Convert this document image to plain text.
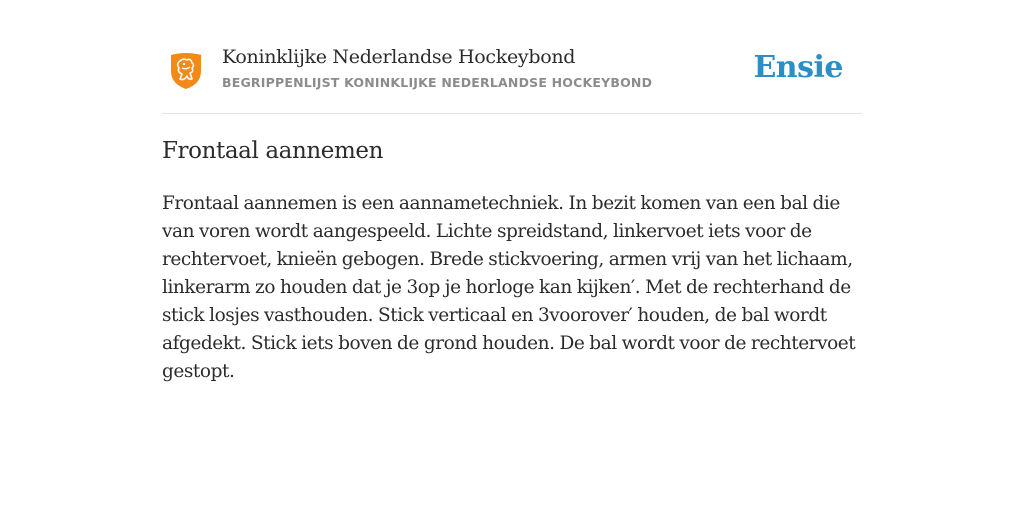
Koninklijke Nederlandse Hockeybond
BEGRIPPENLIJST KONINKLIJKE NEDERLANDSE HOCKEYBOND	Ensie
Frontaal aannemen

Frontaal aannemen is een aannametechniek. In bezit komen van een bal die van voren wordt aangespeeld. Lichte spreidstand, linkervoet iets voor de rechtervoet, knieën gebogen. Brede stickvoering, armen vrij van het lichaam, linkerarm zo houden dat je 3op je horloge kan kijken′. Met de rechterhand de stick losjes vasthouden. Stick verticaal en 3voorover′ houden, de bal wordt afgedekt. Stick iets boven de grond houden. De bal wordt voor de rechtervoet gestopt.
